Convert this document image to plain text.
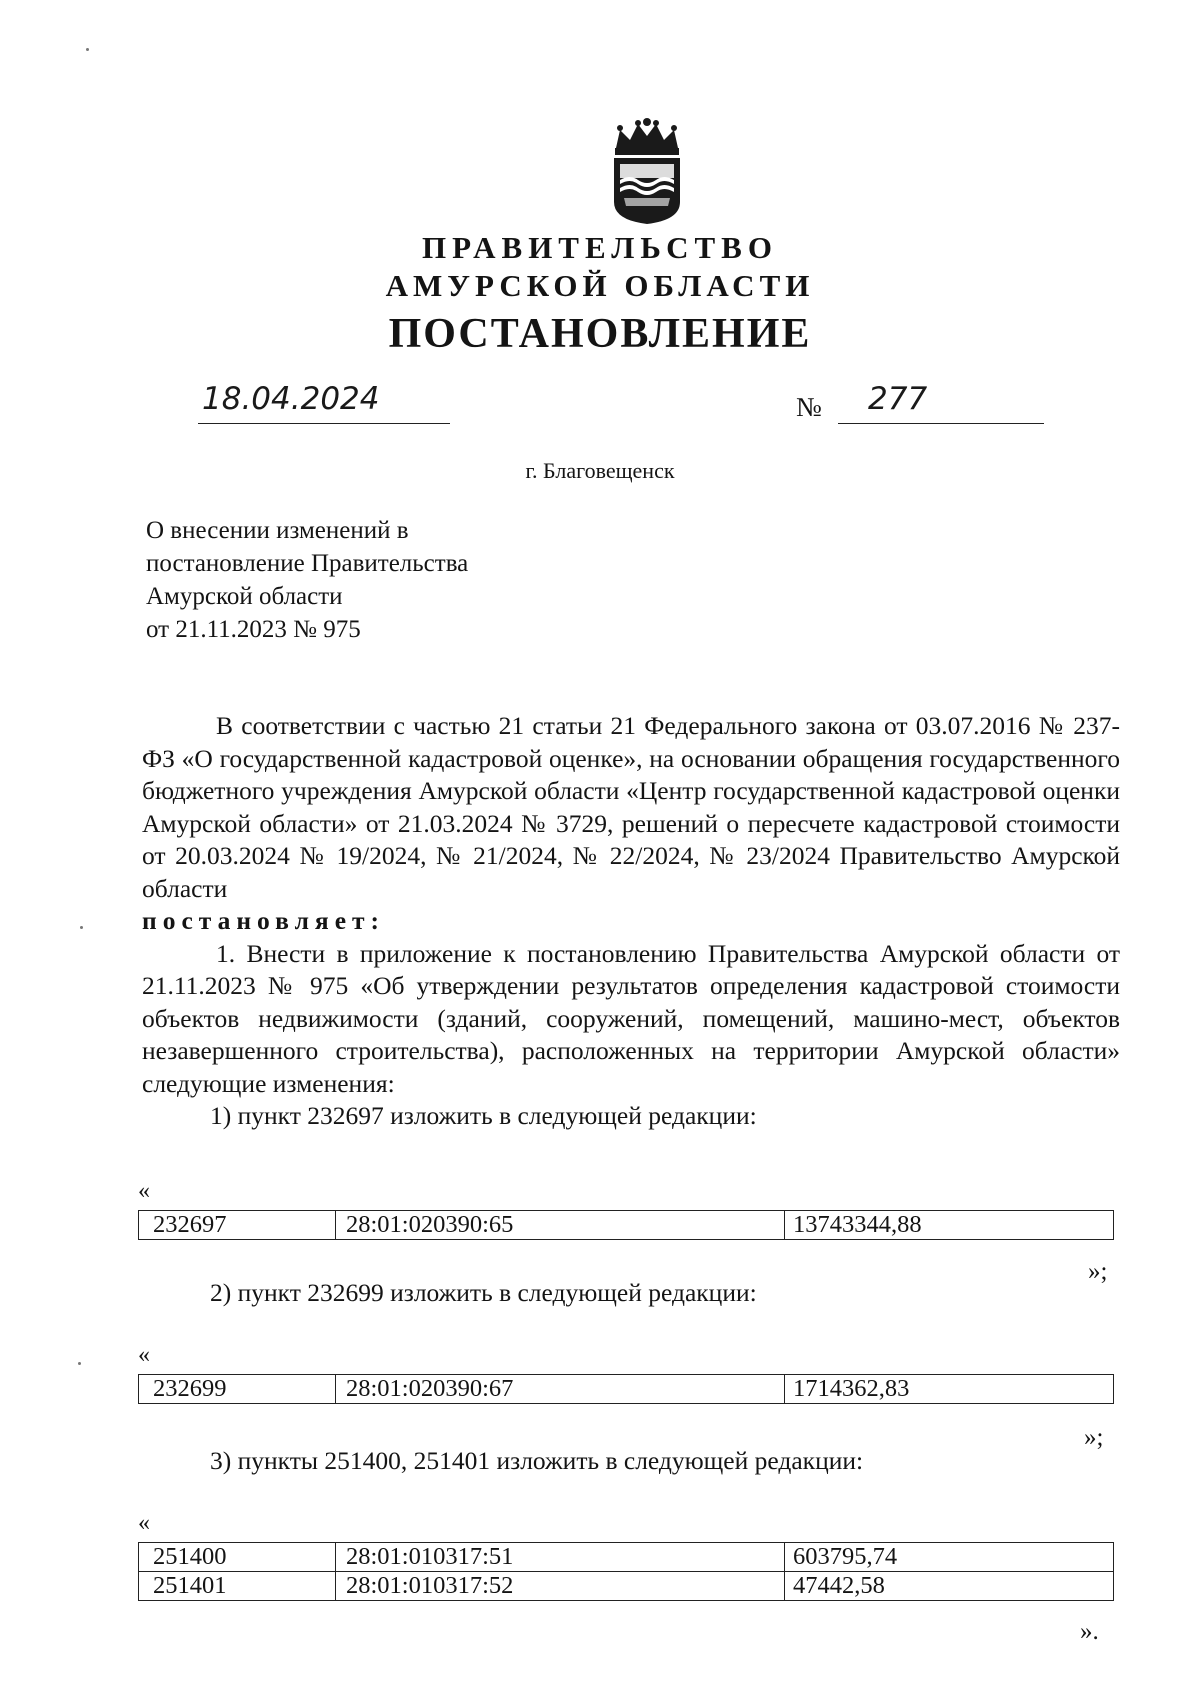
ПРАВИТЕЛЬСТВО
АМУРСКОЙ ОБЛАСТИ
ПОСТАНОВЛЕНИЕ
18.04.2024	№ 277
г. Благовещенск
О внесении изменений в
постановление Правительства
Амурской области
от 21.11.2023 № 975

В соответствии с частью 21 статьи 21 Федерального закона от 03.07.2016 № 237-ФЗ «О государственной кадастровой оценке», на основании обращения государственного бюджетного учреждения Амурской области «Центр государственной кадастровой оценки Амурской области» от 21.03.2024 № 3729, решений о пересчете кадастровой стоимости от 20.03.2024 № 19/2024, № 21/2024, № 22/2024, № 23/2024 Правительство Амурской области

постановляет:

1. Внести в приложение к постановлению Правительства Амурской области от 21.11.2023 № 975 «Об утверждении результатов определения кадастровой стоимости объектов недвижимости (зданий, сооружений, помещений, машино-мест, объектов незавершенного строительства), расположенных на территории Амурской области» следующие изменения:

1) пункт 232697 изложить в следующей редакции:

«
232697	28:01:020390:65	13743344,88
»;
2) пункт 232699 изложить в следующей редакции:
«
232699	28:01:020390:67	1714362,83
»;
3) пункты 251400, 251401 изложить в следующей редакции:
«
251400	28:01:010317:51	603795,74
251401	28:01:010317:52	47442,58
».
